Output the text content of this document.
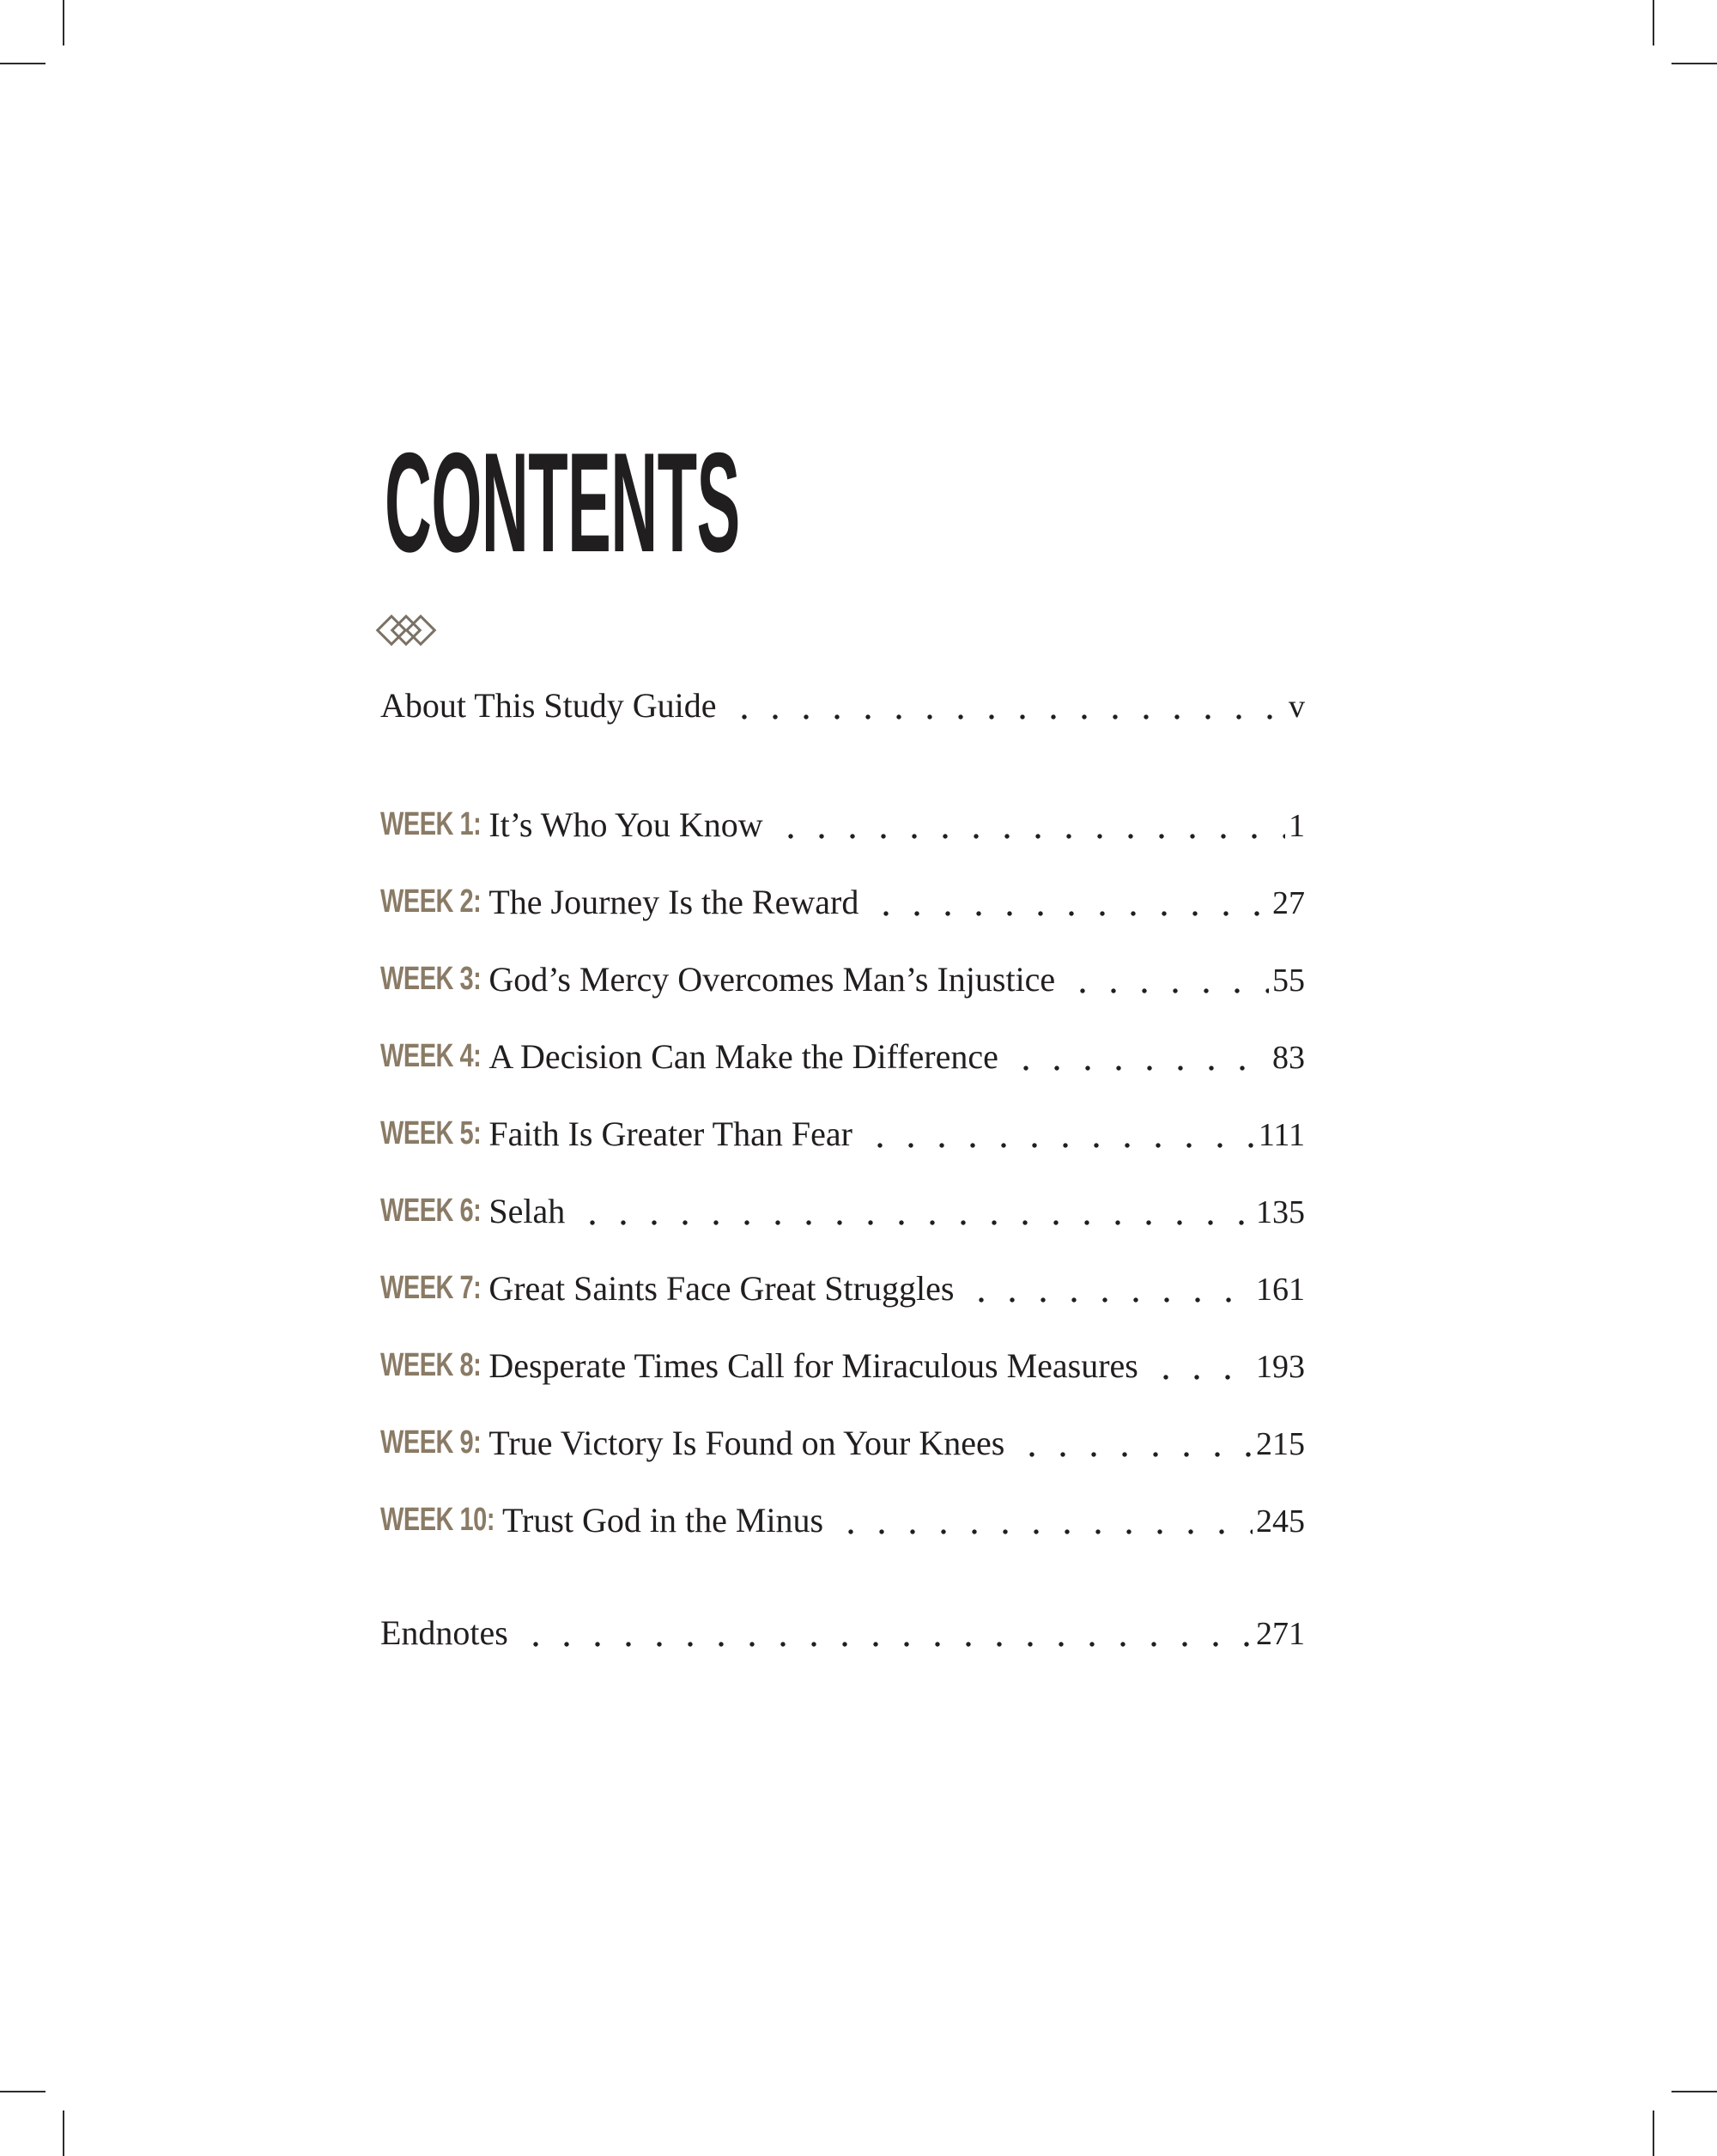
CONTENTS
About This Study Guide	v
WEEK 1: It’s Who You Know	1
WEEK 2: The Journey Is the Reward	27
WEEK 3: God’s Mercy Overcomes Man’s Injustice	55
WEEK 4: A Decision Can Make the Difference	83
WEEK 5: Faith Is Greater Than Fear	111
WEEK 6: Selah	135
WEEK 7: Great Saints Face Great Struggles	161
WEEK 8: Desperate Times Call for Miraculous Measures	193
WEEK 9: True Victory Is Found on Your Knees	215
WEEK 10: Trust God in the Minus	245
Endnotes	271
